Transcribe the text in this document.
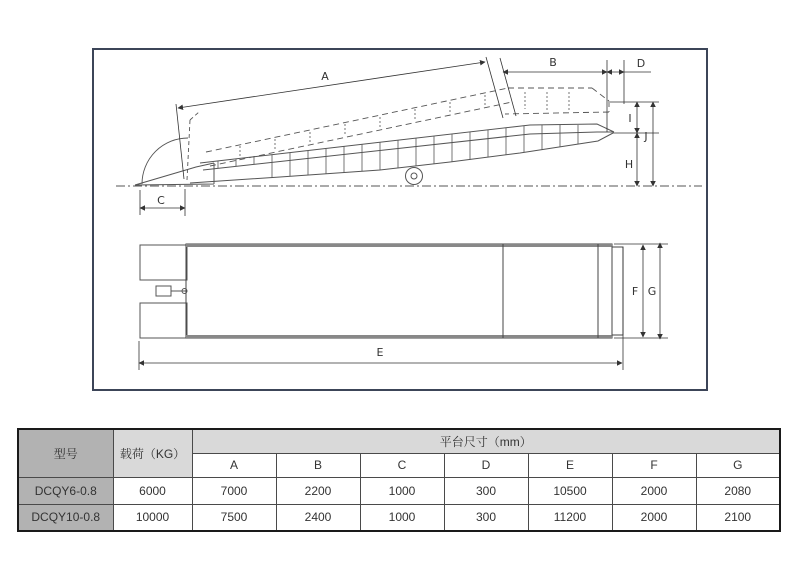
A
B	D
C
I
J
H
E
F G
型号	载荷（KG）	平台尺寸（mm）						
		A	B	C	D	E	F	G
DCQY6-0.8	6000	7000	2200	1000	300	10500	2000	2080
DCQY10-0.8	10000	7500	2400	1000	300	11200	2000	2100
